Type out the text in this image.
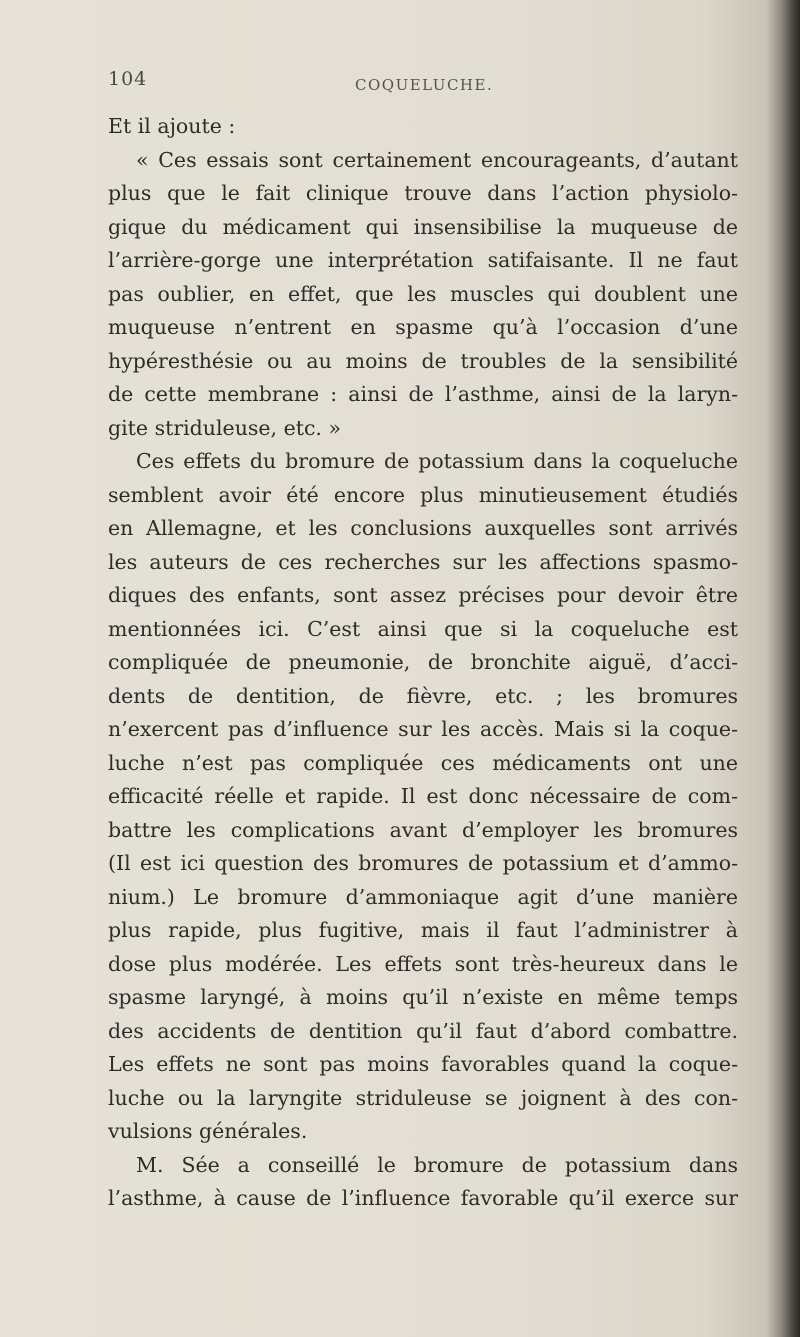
104	COQUELUCHE.
Et il ajoute :
« Ces essais sont certainement encourageants, d’autant
plus que le fait clinique trouve dans l’action physiolo-
gique du médicament qui insensibilise la muqueuse de
l’arrière-gorge une interprétation satifaisante. Il ne faut
pas oublier, en effet, que les muscles qui doublent une
muqueuse n’entrent en spasme qu’à l’occasion d’une
hypéresthésie ou au moins de troubles de la sensibilité
de cette membrane : ainsi de l’asthme, ainsi de la laryn-
gite striduleuse, etc. »
Ces effets du bromure de potassium dans la coqueluche
semblent avoir été encore plus minutieusement étudiés
en Allemagne, et les conclusions auxquelles sont arrivés
les auteurs de ces recherches sur les affections spasmo-
diques des enfants, sont assez précises pour devoir être
mentionnées ici. C’est ainsi que si la coqueluche est
compliquée de pneumonie, de bronchite aiguë, d’acci-
dents de dentition, de fièvre, etc. ; les bromures
n’exercent pas d’influence sur les accès. Mais si la coque-
luche n’est pas compliquée ces médicaments ont une
efficacité réelle et rapide. Il est donc nécessaire de com-
battre les complications avant d’employer les bromures
(Il est ici question des bromures de potassium et d’ammo-
nium.) Le bromure d’ammoniaque agit d’une manière
plus rapide, plus fugitive, mais il faut l’administrer à
dose plus modérée. Les effets sont très-heureux dans le
spasme laryngé, à moins qu’il n’existe en même temps
des accidents de dentition qu’il faut d’abord combattre.
Les effets ne sont pas moins favorables quand la coque-
luche ou la laryngite striduleuse se joignent à des con-
vulsions générales.
M. Sée a conseillé le bromure de potassium dans
l’asthme, à cause de l’influence favorable qu’il exerce sur
